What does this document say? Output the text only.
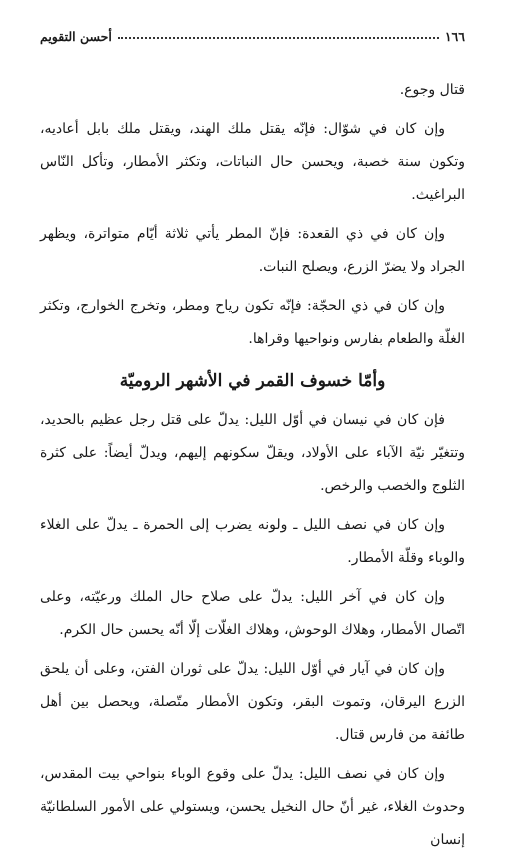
١٦٦
أحسن التقويم

قتال وجوع.

وإن كان في شوّال: فإنّه يقتل ملك الهند، ويقتل ملك بابل أعاديه، وتكون سنة خصبة، ويحسن حال النباتات، وتكثر الأمطار، وتأكل النّاس البراغيث.

وإن كان في ذي القعدة: فإنّ المطر يأتي ثلاثة أيّام متواترة، ويظهر الجراد ولا يضرّ الزرع، ويصلح النبات.

وإن كان في ذي الحجّة: فإنّه تكون رياح ومطر، وتخرج الخوارج، وتكثر الغلّة والطعام بفارس ونواحيها وقراها.

وأمّا خسوف القمر في الأشهر الروميّة

فإن كان في نيسان في أوّل الليل: يدلّ على قتل رجل عظيم بالحديد، وتتغيّر نيّة الآباء على الأولاد، ويقلّ سكونهم إليهم، ويدلّ أيضاً: على كثرة الثلوج والخصب والرخص.

وإن كان في نصف الليل ـ ولونه يضرب إلى الحمرة ـ يدلّ على الغلاء والوباء وقلّة الأمطار.

وإن كان في آخر الليل: يدلّ على صلاح حال الملك ورعيّته، وعلى اتّصال الأمطار، وهلاك الوحوش، وهلاك الغلّات إلّا أنّه يحسن حال الكرم.

وإن كان في آيار في أوّل الليل: يدلّ على ثوران الفتن، وعلى أن يلحق الزرع اليرقان، وتموت البقر، وتكون الأمطار متّصلة، ويحصل بين أهل طائفة من فارس قتال.

وإن كان في نصف الليل: يدلّ على وقوع الوباء بنواحي بيت المقدس، وحدوث الغلاء، غير أنّ حال النخيل يحسن، ويستولي على الأمور السلطانيّة إنسان
